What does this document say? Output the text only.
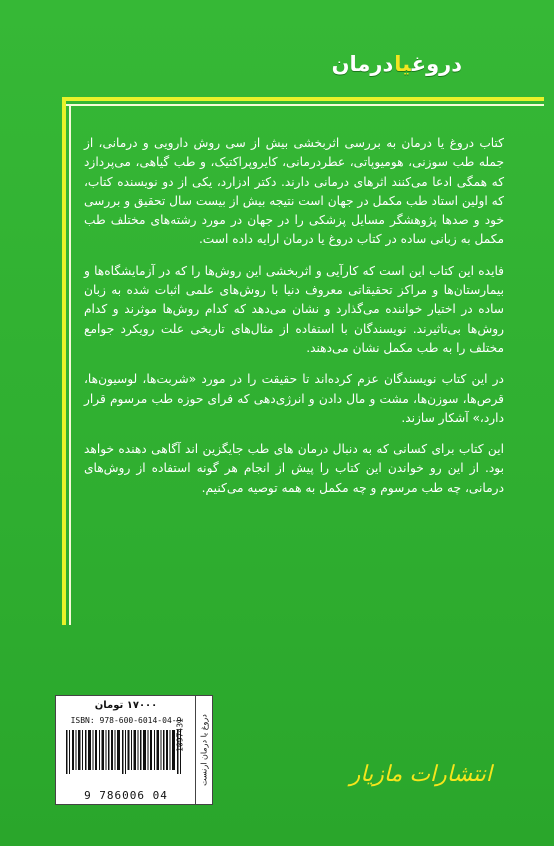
دروغیادرمان

کتاب دروغ یا درمان به بررسی اثربخشی بیش از سی روش دارویی و درمانی، از جمله طب سوزنی، هومیوپاتی، عطردرمانی، کایروپراکتیک، و طب گیاهی، می‌پردازد که همگی ادعا می‌کنند اثرهای درمانی دارند. دکتر ادزارد، یکی از دو نویسنده کتاب، که اولین استاد طب مکمل در جهان است نتیجه بیش از بیست سال تحقیق و بررسی خود و صدها پژوهشگر مسایل پزشکی را در جهان در مورد رشته‌های مختلف طب مکمل به زبانی ساده در کتاب دروغ یا درمان ارایه داده است.

فایده این کتاب این است که کارآیی و اثربخشی این روش‌ها را که در آزمایشگاه‌ها و بیمارستان‌ها و مراکز تحقیقاتی معروف دنیا با روش‌های علمی اثبات شده به زبان ساده در اختیار خواننده می‌گذارد و نشان می‌دهد که کدام روش‌ها موثرند و کدام روش‌ها بی‌تاثیرند. نویسندگان با استفاده از مثال‌های تاریخی علت رویکرد جوامع مختلف را به طب مکمل نشان می‌دهند.

در این کتاب نویسندگان عزم کرده‌اند تا حقیقت را در مورد «شربت‌ها، لوسیون‌ها، قرص‌ها، سوزن‌ها، مشت و مال دادن و انرژی‌دهی که فرای حوزه طب مرسوم قرار دارد،» آشکار سازند.

این کتاب برای کسانی که به دنبال درمان های طب جایگزین اند آگاهی دهنده خواهد بود. از این رو خواندن این کتاب را پیش از انجام هر گونه استفاده از روش‌های درمانی، چه طب مرسوم و چه مکمل به همه توصیه می‌کنیم.

۱۷۰۰۰ تومان
ISBN: 978-600-6014-04-9
9 786006 04
1097431 دروغ یا درمان ارنست	انتشارات مازیار
